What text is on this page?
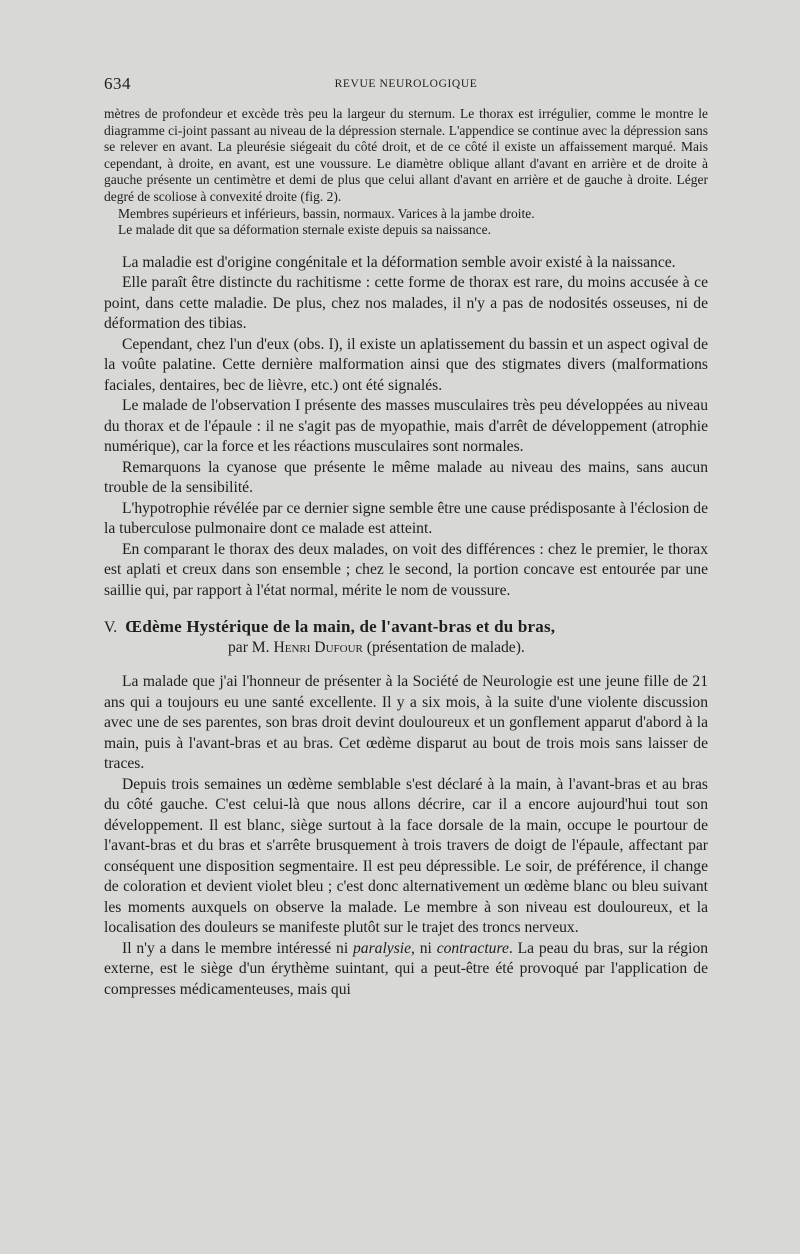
634	REVUE NEUROLOGIQUE

mètres de profondeur et excède très peu la largeur du sternum. Le thorax est irrégulier, comme le montre le diagramme ci-joint passant au niveau de la dépression sternale. L'appendice se continue avec la dépression sans se relever en avant. La pleurésie siégeait du côté droit, et de ce côté il existe un affaissement marqué. Mais cependant, à droite, en avant, est une voussure. Le diamètre oblique allant d'avant en arrière et de droite à gauche présente un centimètre et demi de plus que celui allant d'avant en arrière et de gauche à droite. Léger degré de scoliose à convexité droite (fig. 2).

Membres supérieurs et inférieurs, bassin, normaux. Varices à la jambe droite.

Le malade dit que sa déformation sternale existe depuis sa naissance.

La maladie est d'origine congénitale et la déformation semble avoir existé à la naissance.

Elle paraît être distincte du rachitisme : cette forme de thorax est rare, du moins accusée à ce point, dans cette maladie. De plus, chez nos malades, il n'y a pas de nodosités osseuses, ni de déformation des tibias.

Cependant, chez l'un d'eux (obs. I), il existe un aplatissement du bassin et un aspect ogival de la voûte palatine. Cette dernière malformation ainsi que des stigmates divers (malformations faciales, dentaires, bec de lièvre, etc.) ont été signalés.

Le malade de l'observation I présente des masses musculaires très peu développées au niveau du thorax et de l'épaule : il ne s'agit pas de myopathie, mais d'arrêt de développement (atrophie numérique), car la force et les réactions musculaires sont normales.

Remarquons la cyanose que présente le même malade au niveau des mains, sans aucun trouble de la sensibilité.

L'hypotrophie révélée par ce dernier signe semble être une cause prédisposante à l'éclosion de la tuberculose pulmonaire dont ce malade est atteint.

En comparant le thorax des deux malades, on voit des différences : chez le premier, le thorax est aplati et creux dans son ensemble ; chez le second, la portion concave est entourée par une saillie qui, par rapport à l'état normal, mérite le nom de voussure.

V. Œdème Hystérique de la main, de l'avant-bras et du bras,
par M. Henri Dufour (présentation de malade).

La malade que j'ai l'honneur de présenter à la Société de Neurologie est une jeune fille de 21 ans qui a toujours eu une santé excellente. Il y a six mois, à la suite d'une violente discussion avec une de ses parentes, son bras droit devint douloureux et un gonflement apparut d'abord à la main, puis à l'avant-bras et au bras. Cet œdème disparut au bout de trois mois sans laisser de traces.

Depuis trois semaines un œdème semblable s'est déclaré à la main, à l'avant-bras et au bras du côté gauche. C'est celui-là que nous allons décrire, car il a encore aujourd'hui tout son développement. Il est blanc, siège surtout à la face dorsale de la main, occupe le pourtour de l'avant-bras et du bras et s'arrête brusquement à trois travers de doigt de l'épaule, affectant par conséquent une disposition segmentaire. Il est peu dépressible. Le soir, de préférence, il change de coloration et devient violet bleu ; c'est donc alternativement un œdème blanc ou bleu suivant les moments auxquels on observe la malade. Le membre à son niveau est douloureux, et la localisation des douleurs se manifeste plutôt sur le trajet des troncs nerveux.

Il n'y a dans le membre intéressé ni paralysie, ni contracture. La peau du bras, sur la région externe, est le siège d'un érythème suintant, qui a peut-être été provoqué par l'application de compresses médicamenteuses, mais qui
